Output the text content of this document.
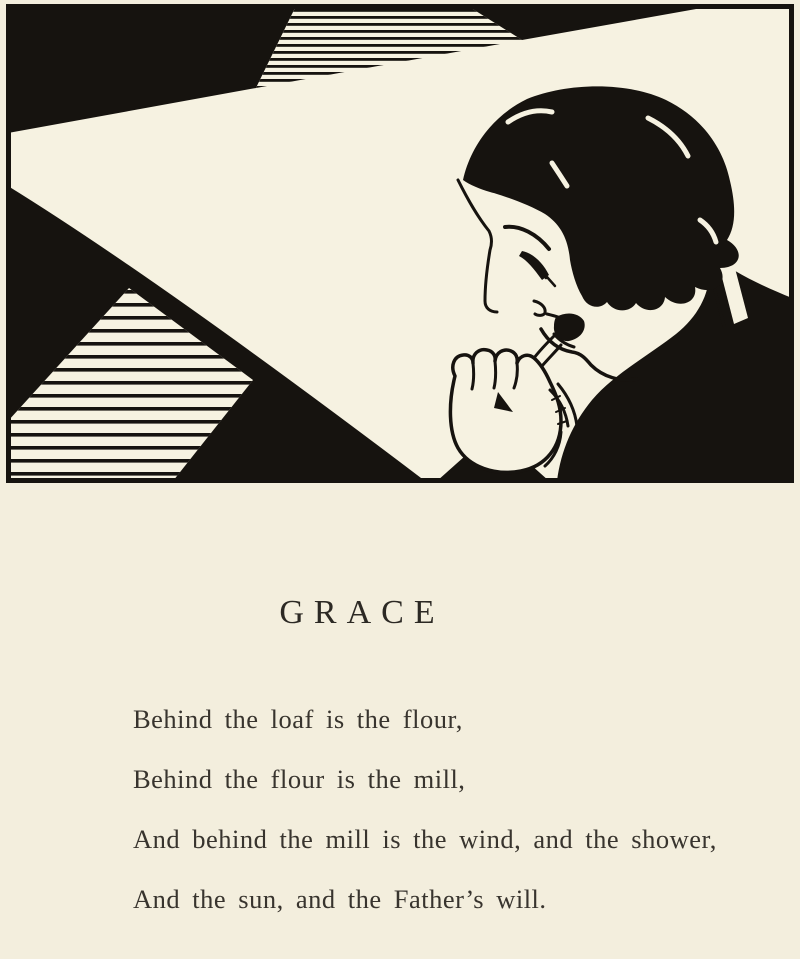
GRACE

Behind the loaf is the flour,

Behind the flour is the mill,

And behind the mill is the wind, and the shower,

And the sun, and the Father’s will.
